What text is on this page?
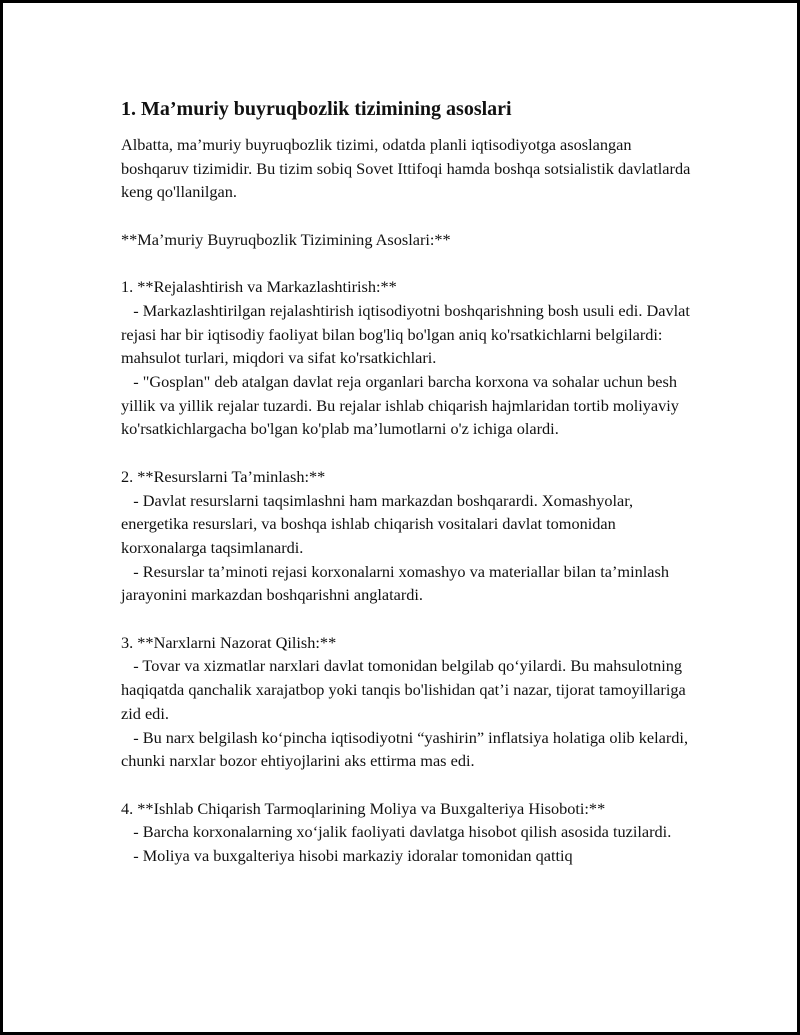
1. Ma’muriy buyruqbozlik tizimining asoslari

Albatta, ma’muriy buyruqbozlik tizimi, odatda planli iqtisodiyotga asoslangan boshqaruv tizimidir. Bu tizim sobiq Sovet Ittifoqi hamda boshqa sotsialistik davlatlarda keng qo'llanilgan.

**Ma’muriy Buyruqbozlik Tizimining Asoslari:**

1. **Rejalashtirish va Markazlashtirish:**

- Markazlashtirilgan rejalashtirish iqtisodiyotni boshqarishning bosh usuli edi. Davlat rejasi har bir iqtisodiy faoliyat bilan bog'liq bo'lgan aniq ko'rsatkichlarni belgilardi: mahsulot turlari, miqdori va sifat ko'rsatkichlari.

- "Gosplan" deb atalgan davlat reja organlari barcha korxona va sohalar uchun besh yillik va yillik rejalar tuzardi. Bu rejalar ishlab chiqarish hajmlaridan tortib moliyaviy ko'rsatkichlargacha bo'lgan ko'plab ma’lumotlarni o'z ichiga olardi.

2. **Resurslarni Ta’minlash:**

- Davlat resurslarni taqsimlashni ham markazdan boshqarardi. Xomashyolar, energetika resurslari, va boshqa ishlab chiqarish vositalari davlat tomonidan korxonalarga taqsimlanardi.

- Resurslar ta’minoti rejasi korxonalarni xomashyo va materiallar bilan ta’minlash jarayonini markazdan boshqarishni anglatardi.

3. **Narxlarni Nazorat Qilish:**

- Tovar va xizmatlar narxlari davlat tomonidan belgilab qo‘yilardi. Bu mahsulotning haqiqatda qanchalik xarajatbop yoki tanqis bo'lishidan qat’i nazar, tijorat tamoyillariga zid edi.

- Bu narx belgilash ko‘pincha iqtisodiyotni “yashirin” inflatsiya holatiga olib kelardi, chunki narxlar bozor ehtiyojlarini aks ettirma mas edi.

4. **Ishlab Chiqarish Tarmoqlarining Moliya va Buxgalteriya Hisoboti:**

- Barcha korxonalarning xo‘jalik faoliyati davlatga hisobot qilish asosida tuzilardi.

- Moliya va buxgalteriya hisobi markaziy idoralar tomonidan qattiq
